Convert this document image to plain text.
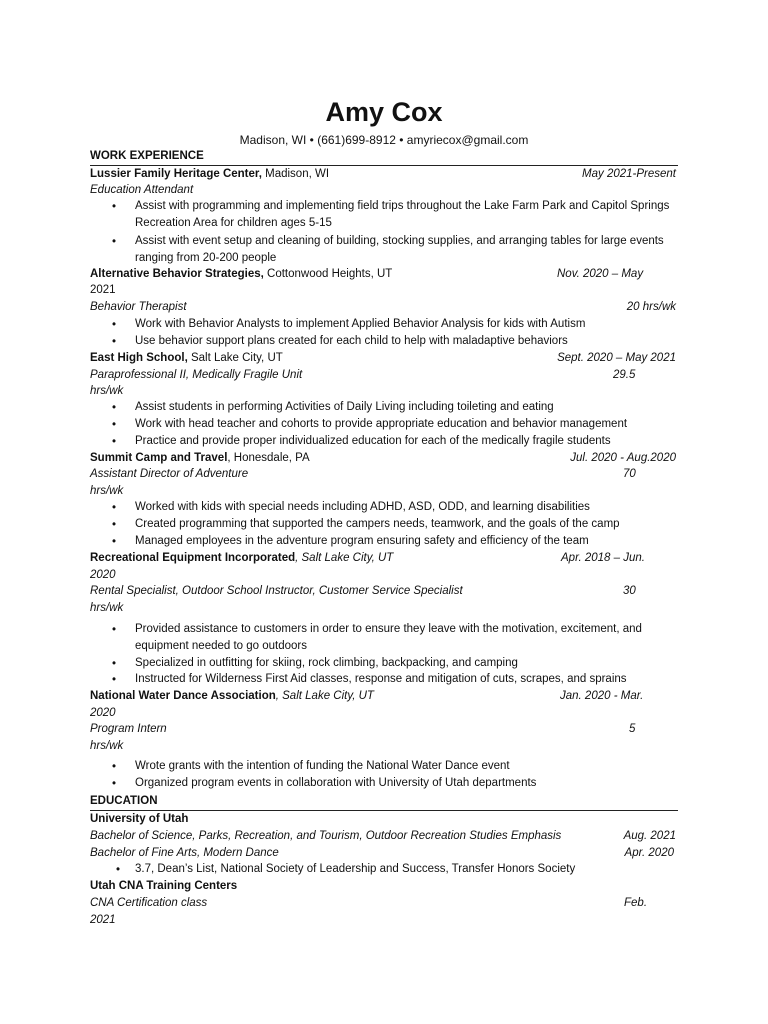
Amy Cox
Madison, WI • (661)699-8912 • amyriecox@gmail.com
WORK EXPERIENCE
Lussier Family Heritage Center, Madison, WI	May 2021-Present
Education Attendant
• Assist with programming and implementing field trips throughout the Lake Farm Park and Capitol Springs Recreation Area for children ages 5-15
• Assist with event setup and cleaning of building, stocking supplies, and arranging tables for large events ranging from 20-200 people
Alternative Behavior Strategies, Cottonwood Heights, UT	Nov. 2020 – May
2021
Behavior Therapist	20 hrs/wk
• Work with Behavior Analysts to implement Applied Behavior Analysis for kids with Autism
• Use behavior support plans created for each child to help with maladaptive behaviors
East High School, Salt Lake City, UT	Sept. 2020 – May 2021
Paraprofessional II, Medically Fragile Unit	29.5
hrs/wk
• Assist students in performing Activities of Daily Living including toileting and eating
• Work with head teacher and cohorts to provide appropriate education and behavior management
• Practice and provide proper individualized education for each of the medically fragile students
Summit Camp and Travel, Honesdale, PA	Jul. 2020 - Aug.2020
Assistant Director of Adventure	70
hrs/wk
• Worked with kids with special needs including ADHD, ASD, ODD, and learning disabilities
• Created programming that supported the campers needs, teamwork, and the goals of the camp
• Managed employees in the adventure program ensuring safety and efficiency of the team
Recreational Equipment Incorporated, Salt Lake City, UT	Apr. 2018 – Jun.
2020
Rental Specialist, Outdoor School Instructor, Customer Service Specialist	30
hrs/wk
• Provided assistance to customers in order to ensure they leave with the motivation, excitement, and equipment needed to go outdoors
• Specialized in outfitting for skiing, rock climbing, backpacking, and camping
• Instructed for Wilderness First Aid classes, response and mitigation of cuts, scrapes, and sprains
National Water Dance Association, Salt Lake City, UT	Jan. 2020 - Mar.
2020
Program Intern	5
hrs/wk
• Wrote grants with the intention of funding the National Water Dance event
• Organized program events in collaboration with University of Utah departments
EDUCATION
University of Utah
Bachelor of Science, Parks, Recreation, and Tourism, Outdoor Recreation Studies Emphasis	Aug. 2021
Bachelor of Fine Arts, Modern Dance	Apr. 2020
• 3.7, Dean’s List, National Society of Leadership and Success, Transfer Honors Society
Utah CNA Training Centers
CNA Certification class	Feb.
2021
